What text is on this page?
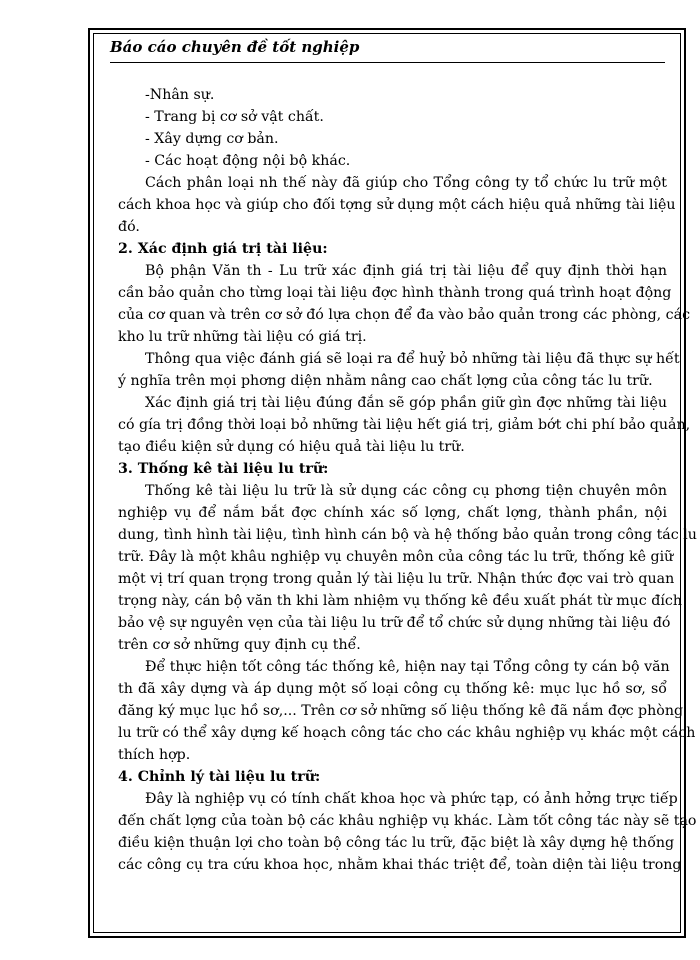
Báo cáo chuyên đề tốt nghiệp
-Nhân sự.
- Trang bị cơ sở vật chất.
- Xây dựng cơ bản.
- Các hoạt động nội bộ khác.
Cách phân loại nh thế này đã giúp cho Tổng công ty tổ chức lu trữ một
cách khoa học và giúp cho đối tợng sử dụng một cách hiệu quả những tài liệu
đó.
2. Xác định giá trị tài liệu:
Bộ phận Văn th - Lu trữ xác định giá trị tài liệu để quy định thời hạn
cần bảo quản cho từng loại tài liệu đợc hình thành trong quá trình hoạt động
của cơ quan và trên cơ sở đó lựa chọn để đa vào bảo quản trong các phòng, các
kho lu trữ những tài liệu có giá trị.
Thông qua việc đánh giá sẽ loại ra để huỷ bỏ những tài liệu đã thực sự hết
ý nghĩa trên mọi phơng diện nhằm nâng cao chất lợng của công tác lu trữ.
Xác định giá trị tài liệu đúng đắn sẽ góp phần giữ gìn đợc những tài liệu
có gía trị đồng thời loại bỏ những tài liệu hết giá trị, giảm bớt chi phí bảo quản,
tạo điều kiện sử dụng có hiệu quả tài liệu lu trữ.
3. Thống kê tài liệu lu trữ:
Thống kê tài liệu lu trữ là sử dụng các công cụ phơng tiện chuyên môn
nghiệp vụ để nắm bắt đợc chính xác số lợng, chất lợng, thành phần, nội
dung, tình hình tài liệu, tình hình cán bộ và hệ thống bảo quản trong công tác lu
trữ. Đây là một khâu nghiệp vụ chuyên môn của công tác lu trữ, thống kê giữ
một vị trí quan trọng trong quản lý tài liệu lu trữ. Nhận thức đợc vai trò quan
trọng này, cán bộ văn th khi làm nhiệm vụ thống kê đều xuất phát từ mục đích
bảo vệ sự nguyên vẹn của tài liệu lu trữ để tổ chức sử dụng những tài liệu đó
trên cơ sở những quy định cụ thể.
Để thực hiện tốt công tác thống kê, hiện nay tại Tổng công ty cán bộ văn
th đã xây dựng và áp dụng một số loại công cụ thống kê: mục lục hồ sơ, sổ
đăng ký mục lục hồ sơ,... Trên cơ sở những số liệu thống kê đã nắm đợc phòng
lu trữ có thể xây dựng kế hoạch công tác cho các khâu nghiệp vụ khác một cách
thích hợp.
4. Chỉnh lý tài liệu lu trữ:
Đây là nghiệp vụ có tính chất khoa học và phức tạp, có ảnh hởng trực tiếp
đến chất lợng của toàn bộ các khâu nghiệp vụ khác. Làm tốt công tác này sẽ tạo
điều kiện thuận lợi cho toàn bộ công tác lu trữ, đặc biệt là xây dựng hệ thống
các công cụ tra cứu khoa học, nhằm khai thác triệt để, toàn diện tài liệu trong
